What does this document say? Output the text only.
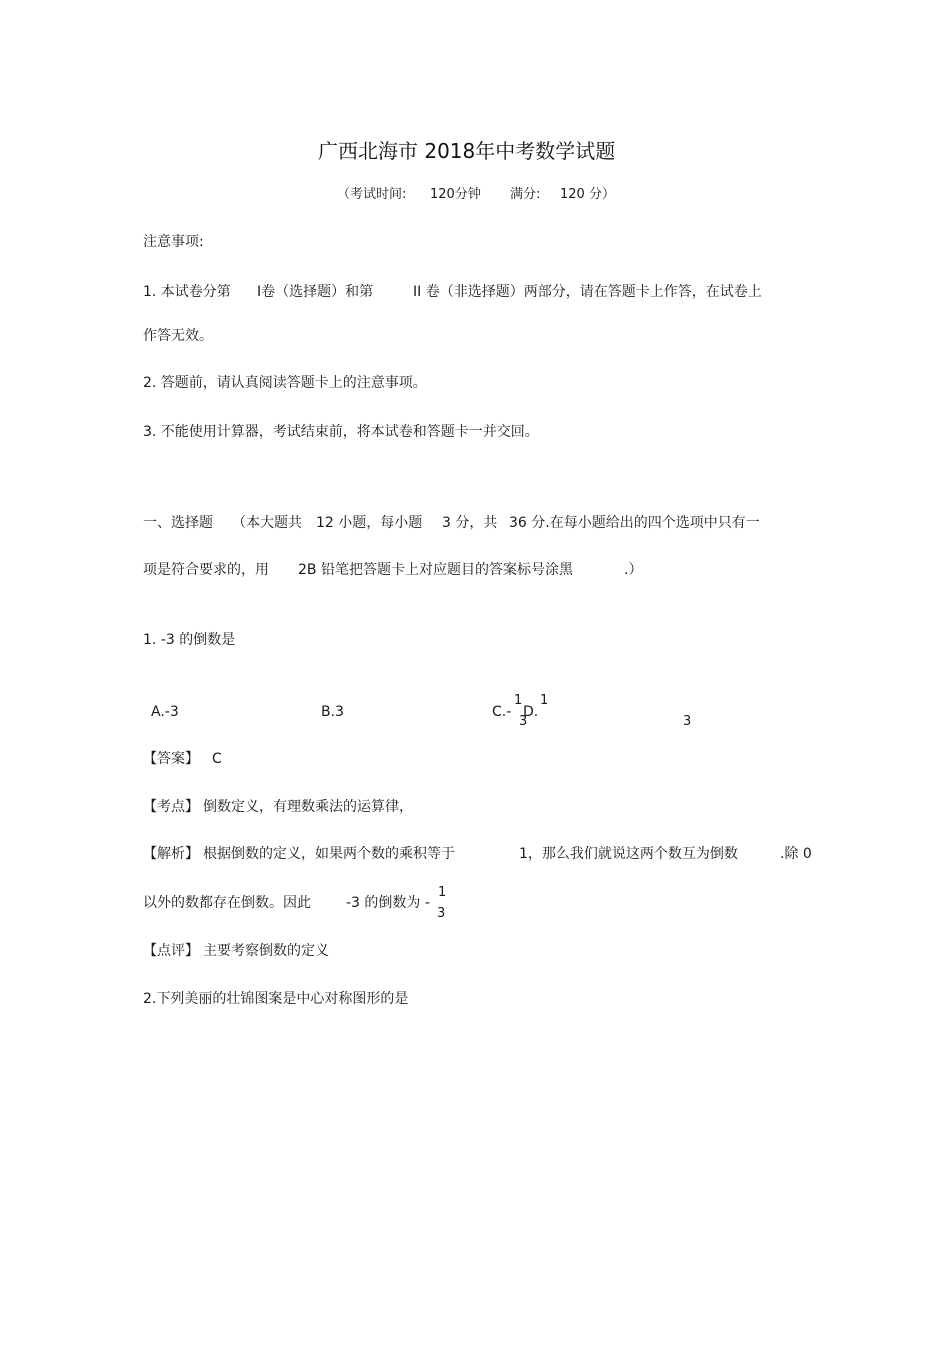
广西北海市 2018年中考数学试题
（考试时间: 120分钟 满分: 120 分）
注意事项:
1. 本试卷分第 I卷（选择题）和第	II 卷（非选择题）两部分，请在答题卡上作答，在试卷上
作答无效。
2. 答题前，请认真阅读答题卡上的注意事项。
3. 不能使用计算器，考试结束前，将本试卷和答题卡一并交回。
一、选择题 （本大题共 12 小题，每小题 3 分，共 36 分.在每小题给出的四个选项中只有一
项是符合要求的，用 2B 铅笔把答题卡上对应题目的答案标号涂黑	.）
1. -3 的倒数是
A.-3	B.3	C.-
1
3
D.
1
3
【答案】 C
【考点】 倒数定义，有理数乘法的运算律，
【解析】 根据倒数的定义，如果两个数的乘积等于	1，那么我们就说这两个数互为倒数	.除 0
以外的数都存在倒数。因此	-3 的倒数为 -
1
3
【点评】 主要考察倒数的定义
2.下列美丽的壮锦图案是中心对称图形的是
